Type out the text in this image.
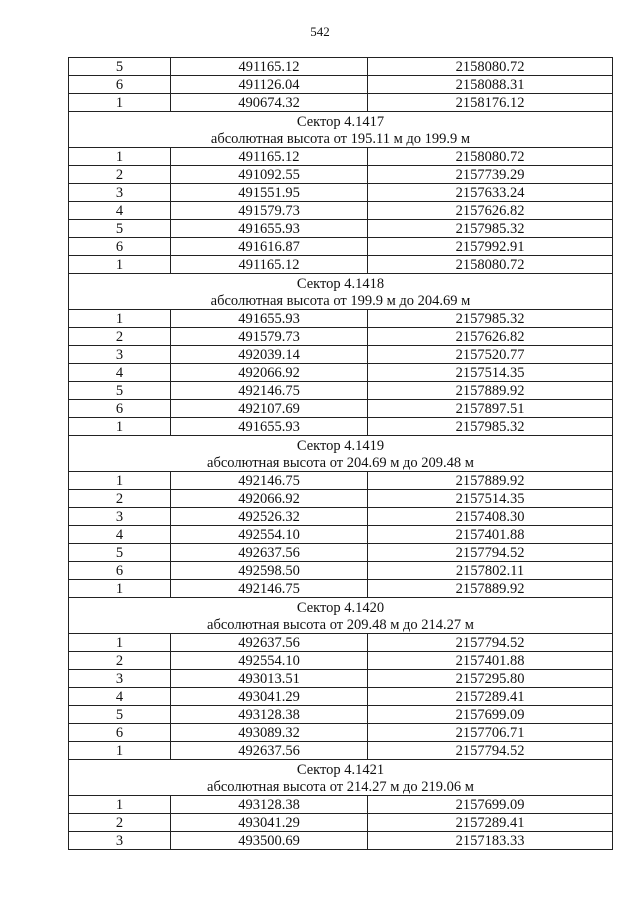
542
5	491165.12	2158080.72
6	491126.04	2158088.31
1	490674.32	2158176.12
Сектор 4.1417		
абсолютная высота от 195.11 м до 199.9 м		
1	491165.12	2158080.72
2	491092.55	2157739.29
3	491551.95	2157633.24
4	491579.73	2157626.82
5	491655.93	2157985.32
6	491616.87	2157992.91
1	491165.12	2158080.72
Сектор 4.1418		
абсолютная высота от 199.9 м до 204.69 м		
1	491655.93	2157985.32
2	491579.73	2157626.82
3	492039.14	2157520.77
4	492066.92	2157514.35
5	492146.75	2157889.92
6	492107.69	2157897.51
1	491655.93	2157985.32
Сектор 4.1419		
абсолютная высота от 204.69 м до 209.48 м		
1	492146.75	2157889.92
2	492066.92	2157514.35
3	492526.32	2157408.30
4	492554.10	2157401.88
5	492637.56	2157794.52
6	492598.50	2157802.11
1	492146.75	2157889.92
Сектор 4.1420		
абсолютная высота от 209.48 м до 214.27 м		
1	492637.56	2157794.52
2	492554.10	2157401.88
3	493013.51	2157295.80
4	493041.29	2157289.41
5	493128.38	2157699.09
6	493089.32	2157706.71
1	492637.56	2157794.52
Сектор 4.1421		
абсолютная высота от 214.27 м до 219.06 м		
1	493128.38	2157699.09
2	493041.29	2157289.41
3	493500.69	2157183.33
